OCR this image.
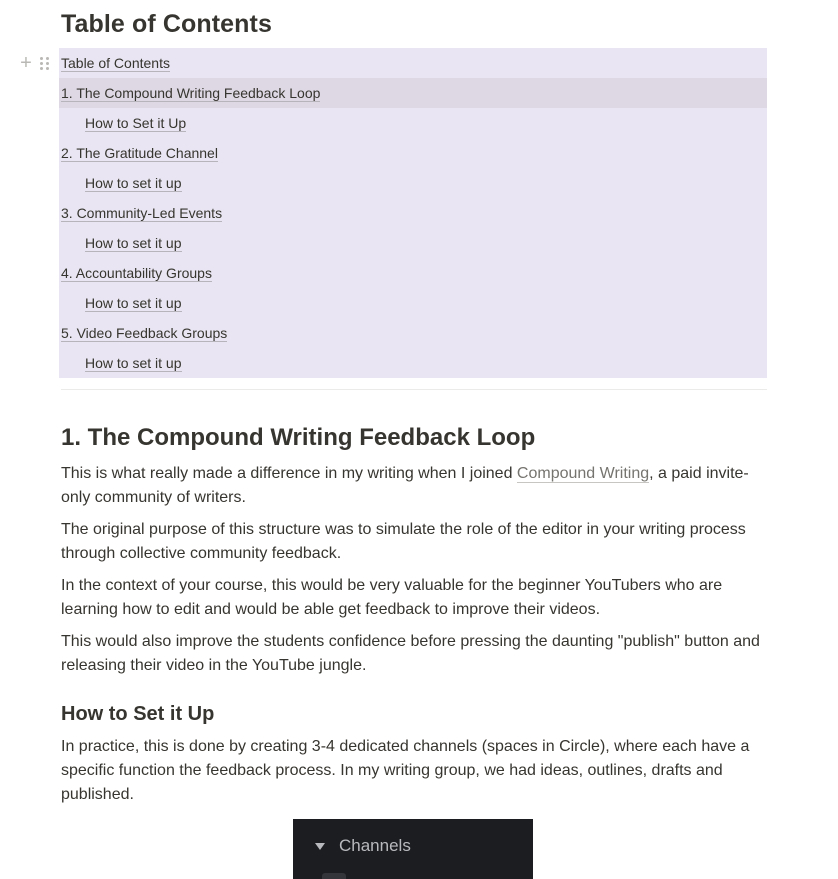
Table of Contents
+ Table of Contents
1. The Compound Writing Feedback Loop
How to Set it Up
2. The Gratitude Channel
How to set it up
3. Community-Led Events
How to set it up
4. Accountability Groups
How to set it up
5. Video Feedback Groups
How to set it up
1. The Compound Writing Feedback Loop

This is what really made a difference in my writing when I joined Compound Writing, a paid invite-only community of writers.

The original purpose of this structure was to simulate the role of the editor in your writing process through collective community feedback.

In the context of your course, this would be very valuable for the beginner YouTubers who are learning how to edit and would be able get feedback to improve their videos.

This would also improve the students confidence before pressing the daunting "publish" button and releasing their video in the YouTube jungle.

How to Set it Up

In practice, this is done by creating 3-4 dedicated channels (spaces in Circle), where each have a specific function the feedback process. In my writing group, we had ideas, outlines, drafts and published.

Channels
